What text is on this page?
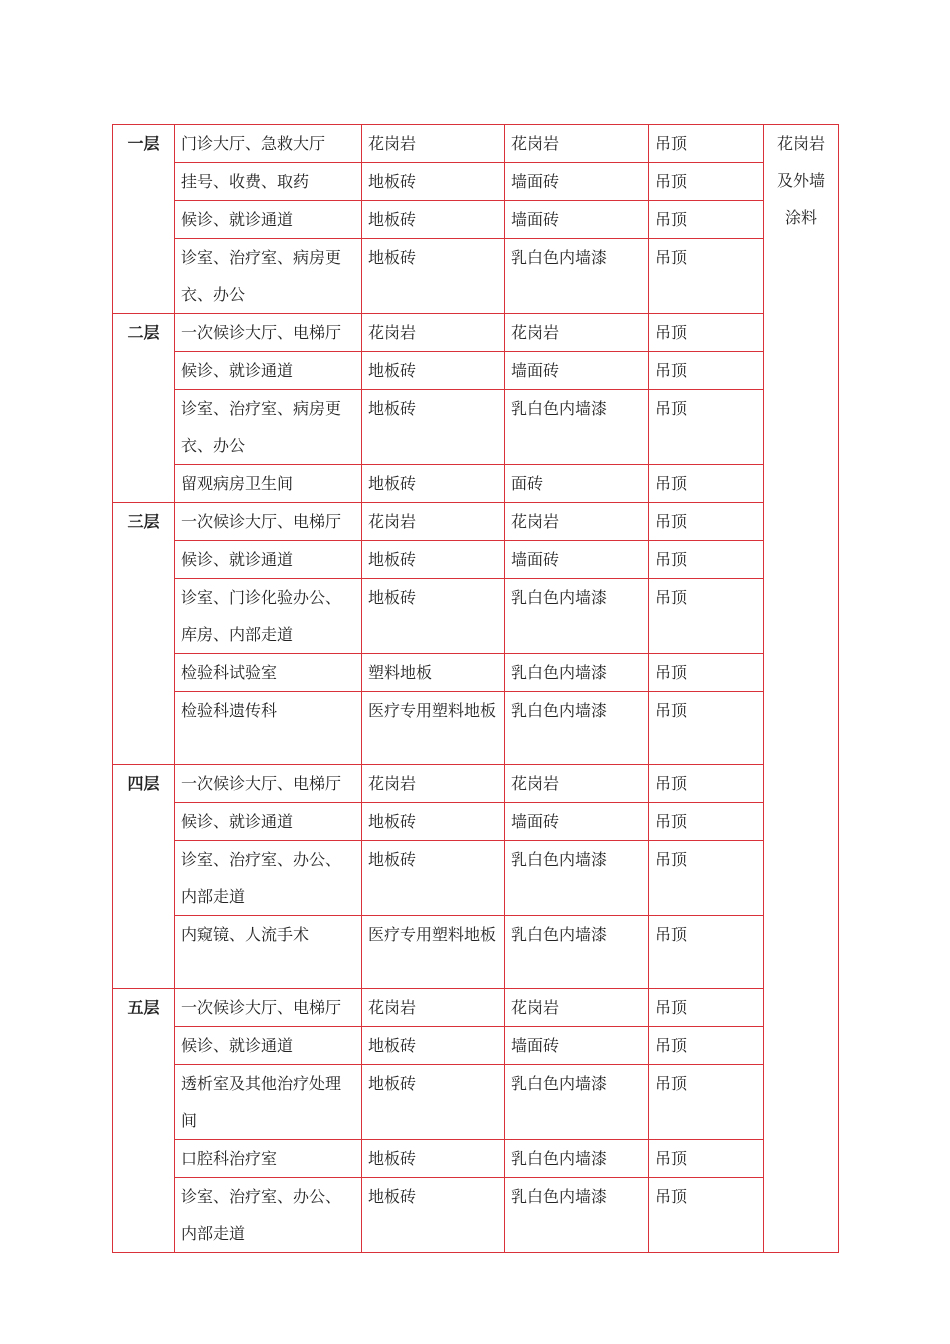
一层	门诊大厅、急救大厅	花岗岩	花岗岩	吊顶	花岗岩及外墙涂料
	挂号、收费、取药	地板砖	墙面砖	吊顶	
	候诊、就诊通道	地板砖	墙面砖	吊顶	
	诊室、治疗室、病房更衣、办公	地板砖	乳白色内墙漆	吊顶	
二层	一次候诊大厅、电梯厅	花岗岩	花岗岩	吊顶	
	候诊、就诊通道	地板砖	墙面砖	吊顶	
	诊室、治疗室、病房更衣、办公	地板砖	乳白色内墙漆	吊顶	
	留观病房卫生间	地板砖	面砖	吊顶	
三层	一次候诊大厅、电梯厅	花岗岩	花岗岩	吊顶	
	候诊、就诊通道	地板砖	墙面砖	吊顶	
	诊室、门诊化验办公、库房、内部走道	地板砖	乳白色内墙漆	吊顶	
	检验科试验室	塑料地板	乳白色内墙漆	吊顶	
	检验科遗传科	医疗专用塑料地板	乳白色内墙漆	吊顶	
四层	一次候诊大厅、电梯厅	花岗岩	花岗岩	吊顶	
	候诊、就诊通道	地板砖	墙面砖	吊顶	
	诊室、治疗室、办公、内部走道	地板砖	乳白色内墙漆	吊顶	
	内窥镜、人流手术	医疗专用塑料地板	乳白色内墙漆	吊顶	
五层	一次候诊大厅、电梯厅	花岗岩	花岗岩	吊顶	
	候诊、就诊通道	地板砖	墙面砖	吊顶	
	透析室及其他治疗处理间	地板砖	乳白色内墙漆	吊顶	
	口腔科治疗室	地板砖	乳白色内墙漆	吊顶	
	诊室、治疗室、办公、内部走道	地板砖	乳白色内墙漆	吊顶	
